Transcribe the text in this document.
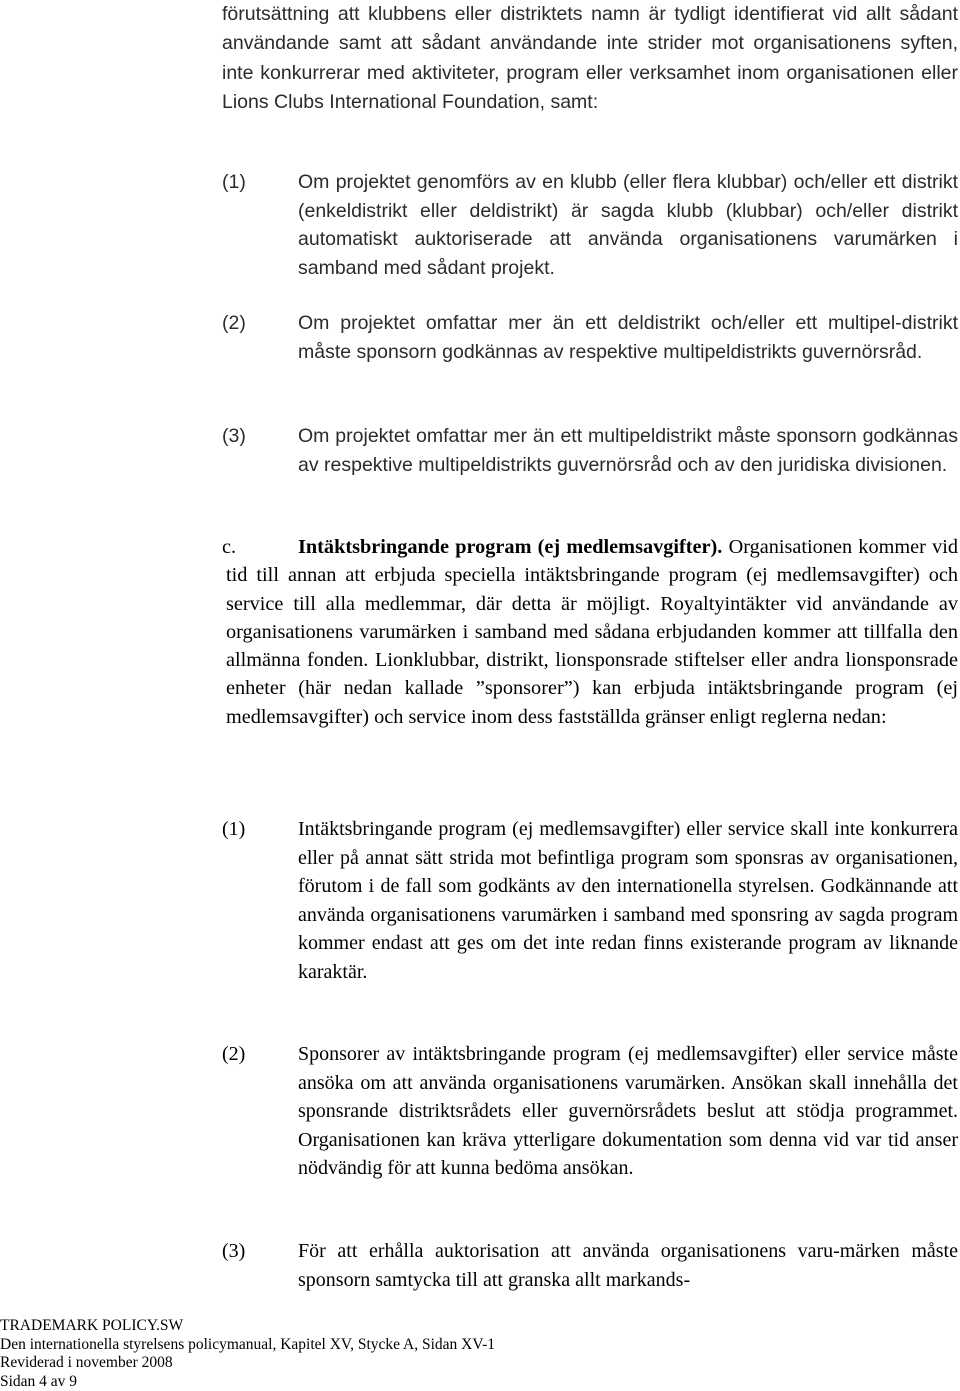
förutsättning att klubbens eller distriktets namn är tydligt identifierat vid allt sådant användande samt att sådant användande inte strider mot organisationens syften, inte konkurrerar med aktiviteter, program eller verksamhet inom organisationen eller Lions Clubs International Foundation, samt:

(1)	Om projektet genomförs av en klubb (eller flera klubbar) och/eller ett distrikt (enkeldistrikt eller deldistrikt) är sagda klubb (klubbar) och/eller distrikt automatiskt auktoriserade att använda organisationens varumärken i samband med sådant projekt.
(2)	Om projektet omfattar mer än ett deldistrikt och/eller ett multipel-distrikt måste sponsorn godkännas av respektive multipeldistrikts guvernörsråd.
(3)	Om projektet omfattar mer än ett multipeldistrikt måste sponsorn godkännas av respektive multipeldistrikts guvernörsråd och av den juridiska divisionen.
c.	Intäktsbringande program (ej medlemsavgifter). Organisationen kommer vid tid till annan att erbjuda speciella intäktsbringande program (ej medlemsavgifter) och service till alla medlemmar, där detta är möjligt. Royaltyintäkter vid användande av organisationens varumärken i samband med sådana erbjudanden kommer att tillfalla den allmänna fonden. Lionklubbar, distrikt, lionsponsrade stiftelser eller andra lionsponsrade enheter (här nedan kallade ”sponsorer”) kan erbjuda intäktsbringande program (ej medlemsavgifter) och service inom dess fastställda gränser enligt reglerna nedan:
(1)	Intäktsbringande program (ej medlemsavgifter) eller service skall inte konkurrera eller på annat sätt strida mot befintliga program som sponsras av organisationen, förutom i de fall som godkänts av den internationella styrelsen. Godkännande att använda organisationens varumärken i samband med sponsring av sagda program kommer endast att ges om det inte redan finns existerande program av liknande karaktär.
(2)	Sponsorer av intäktsbringande program (ej medlemsavgifter) eller service måste ansöka om att använda organisationens varumärken. Ansökan skall innehålla det sponsrande distriktsrådets eller guvernörsrådets beslut att stödja programmet. Organisationen kan kräva ytterligare dokumentation som denna vid var tid anser nödvändig för att kunna bedöma ansökan.
(3)	För att erhålla auktorisation att använda organisationens varu-märken måste sponsorn samtycka till att granska allt markands-
TRADEMARK POLICY.SW
Den internationella styrelsens policymanual, Kapitel XV, Stycke A, Sidan XV-1
Reviderad i november 2008
Sidan 4 av 9
